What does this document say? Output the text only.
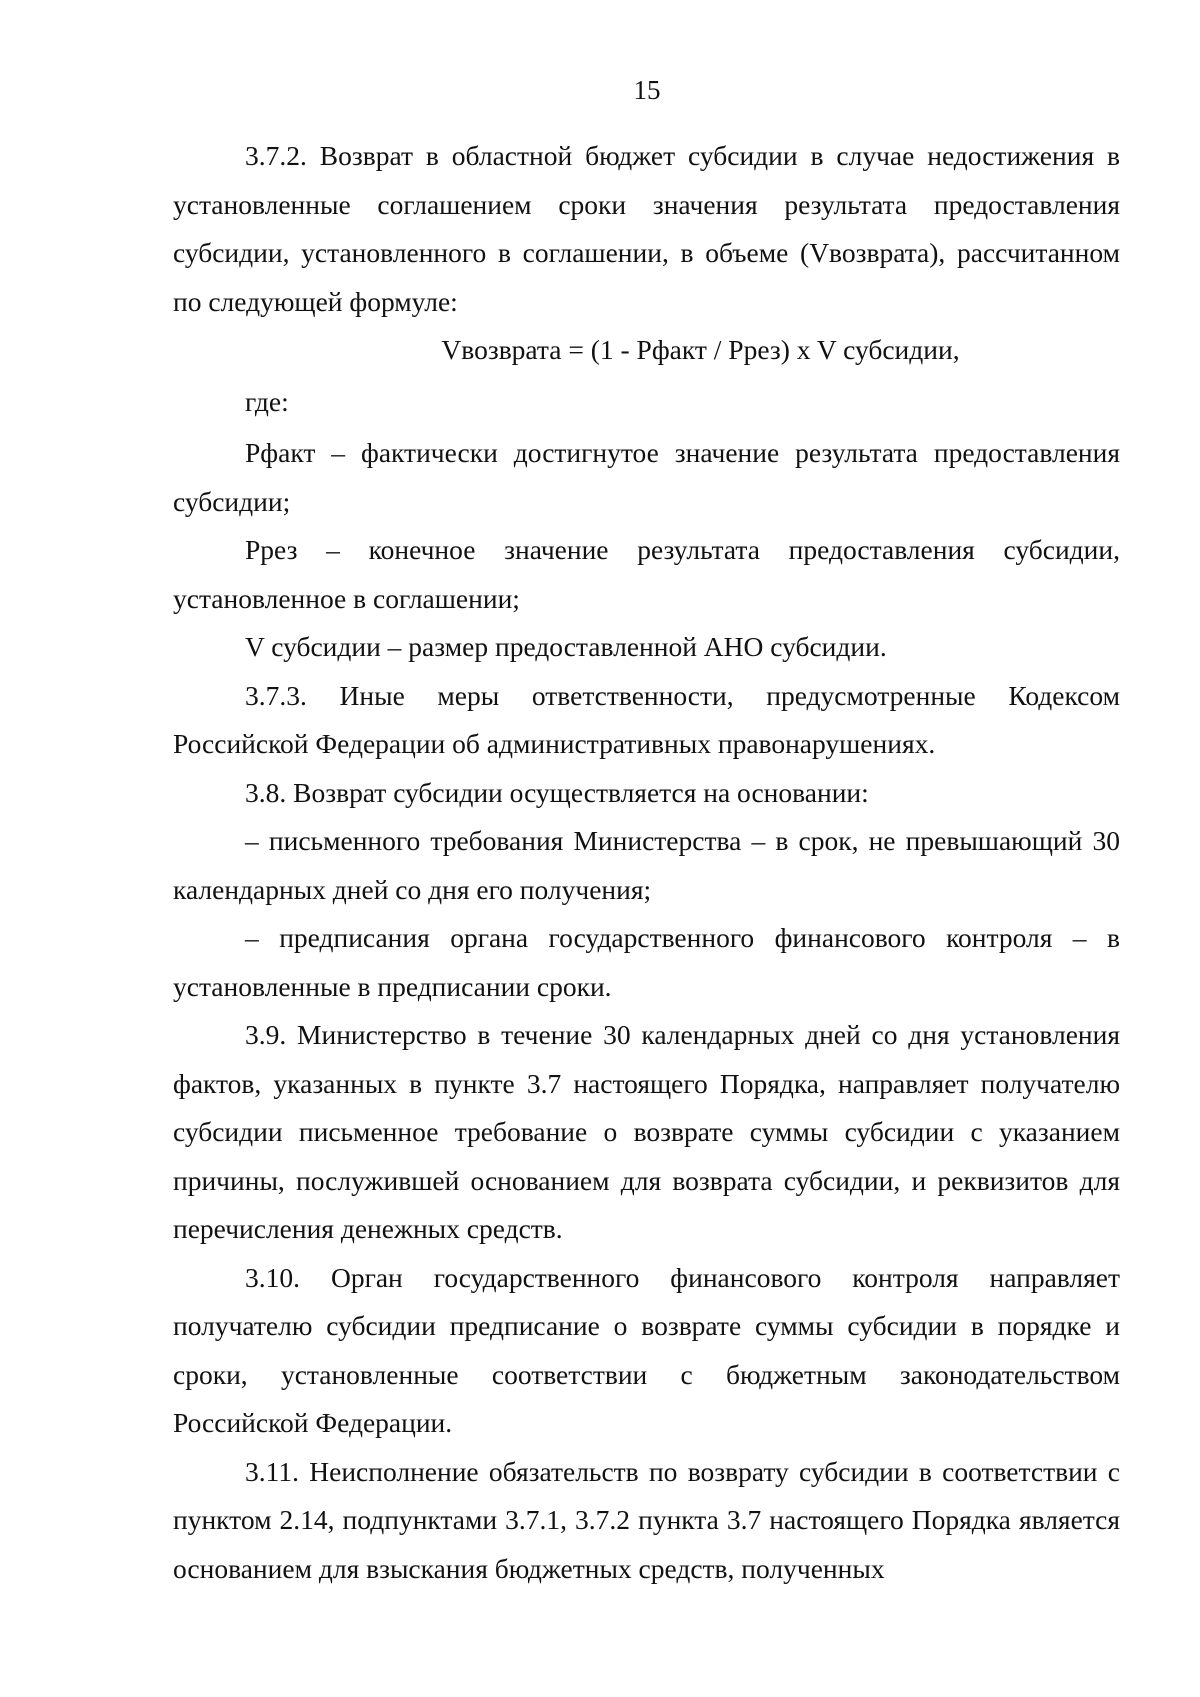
15

3.7.2. Возврат в областной бюджет субсидии в случае недостижения в установленные соглашением сроки значения результата предоставления субсидии, установленного в соглашении, в объеме (Vвозврата), рассчитанном по следующей формуле:

Vвозврата = (1 - Pфакт / Pрез) x V субсидии,

где:

Pфакт – фактически достигнутое значение результата предоставления субсидии;

Pрез – конечное значение результата предоставления субсидии, установленное в соглашении;

V субсидии – размер предоставленной АНО субсидии.

3.7.3. Иные меры ответственности, предусмотренные Кодексом Российской Федерации об административных правонарушениях.

3.8. Возврат субсидии осуществляется на основании:

– письменного требования Министерства – в срок, не превышающий 30 календарных дней со дня его получения;

– предписания органа государственного финансового контроля – в установленные в предписании сроки.

3.9. Министерство в течение 30 календарных дней со дня установления фактов, указанных в пункте 3.7 настоящего Порядка, направляет получателю субсидии письменное требование о возврате суммы субсидии с указанием причины, послужившей основанием для возврата субсидии, и реквизитов для перечисления денежных средств.

3.10. Орган государственного финансового контроля направляет получателю субсидии предписание о возврате суммы субсидии в порядке и сроки, установленные соответствии с бюджетным законодательством Российской Федерации.

3.11. Неисполнение обязательств по возврату субсидии в соответствии с пунктом 2.14, подпунктами 3.7.1, 3.7.2 пункта 3.7 настоящего Порядка является основанием для взыскания бюджетных средств, полученных
